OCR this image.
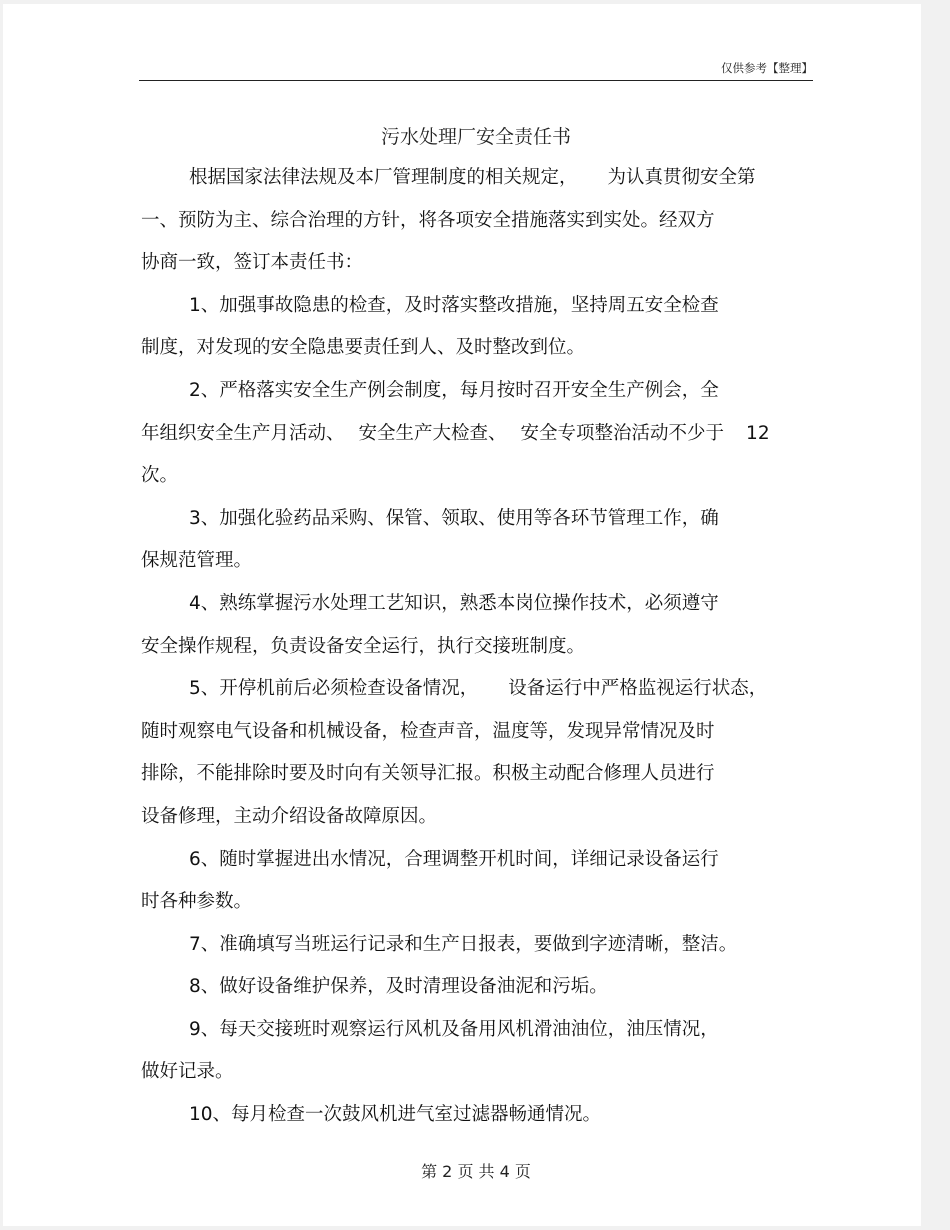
仅供参考【整理】
污水处理厂安全责任书

根据国家法律法规及本厂管理制度的相关规定， 为认真贯彻安全第

一、预防为主、综合治理的方针，将各项安全措施落实到实处。经双方

协商一致，签订本责任书：

1、加强事故隐患的检查，及时落实整改措施，坚持周五安全检查

制度，对发现的安全隐患要责任到人、及时整改到位。

2、严格落实安全生产例会制度，每月按时召开安全生产例会，全

年组织安全生产月活动、 安全生产大检查、 安全专项整治活动不少于 12

次。

3、加强化验药品采购、保管、领取、使用等各环节管理工作，确

保规范管理。

4、熟练掌握污水处理工艺知识，熟悉本岗位操作技术，必须遵守

安全操作规程，负责设备安全运行，执行交接班制度。

5、开停机前后必须检查设备情况， 设备运行中严格监视运行状态，

随时观察电气设备和机械设备，检查声音，温度等，发现异常情况及时

排除，不能排除时要及时向有关领导汇报。积极主动配合修理人员进行

设备修理，主动介绍设备故障原因。

6、随时掌握进出水情况，合理调整开机时间，详细记录设备运行

时各种参数。

7、准确填写当班运行记录和生产日报表，要做到字迹清晰，整洁。

8、做好设备维护保养，及时清理设备油泥和污垢。

9、每天交接班时观察运行风机及备用风机滑油油位，油压情况，

做好记录。

10、每月检查一次鼓风机进气室过滤器畅通情况。

第 2 页 共 4 页
